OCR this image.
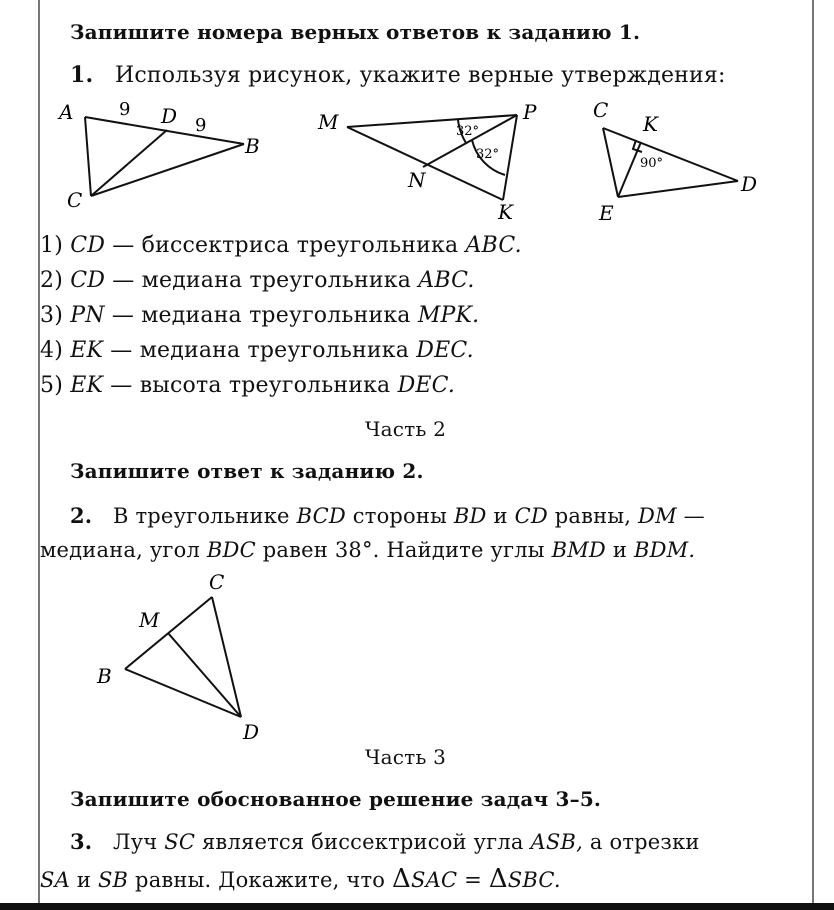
Запишите номера верных ответов к заданию 1.
1. Используя рисунок, укажите верные утверждения:
A
B
C
D
9
9	M	P
N
K
32°
32°
C
K
D
E
90°
1) CD — биссектриса треугольника ABC.
2) CD — медиана треугольника ABC.
3) PN — медиана треугольника MPK.
4) EK — медиана треугольника DEC.
5) EK — высота треугольника DEC.
Часть 2
Запишите ответ к заданию 2.
2. В треугольнике BCD стороны BD и CD равны, DM —
медиана, угол BDC равен 38°. Найдите углы BMD и BDM.
C
M
B
D
Часть 3
Запишите обоснованное решение задач 3–5.
3. Луч SC является биссектрисой угла ASB, а отрезки
SA и SB равны. Докажите, что ΔSAC = ΔSBC.
